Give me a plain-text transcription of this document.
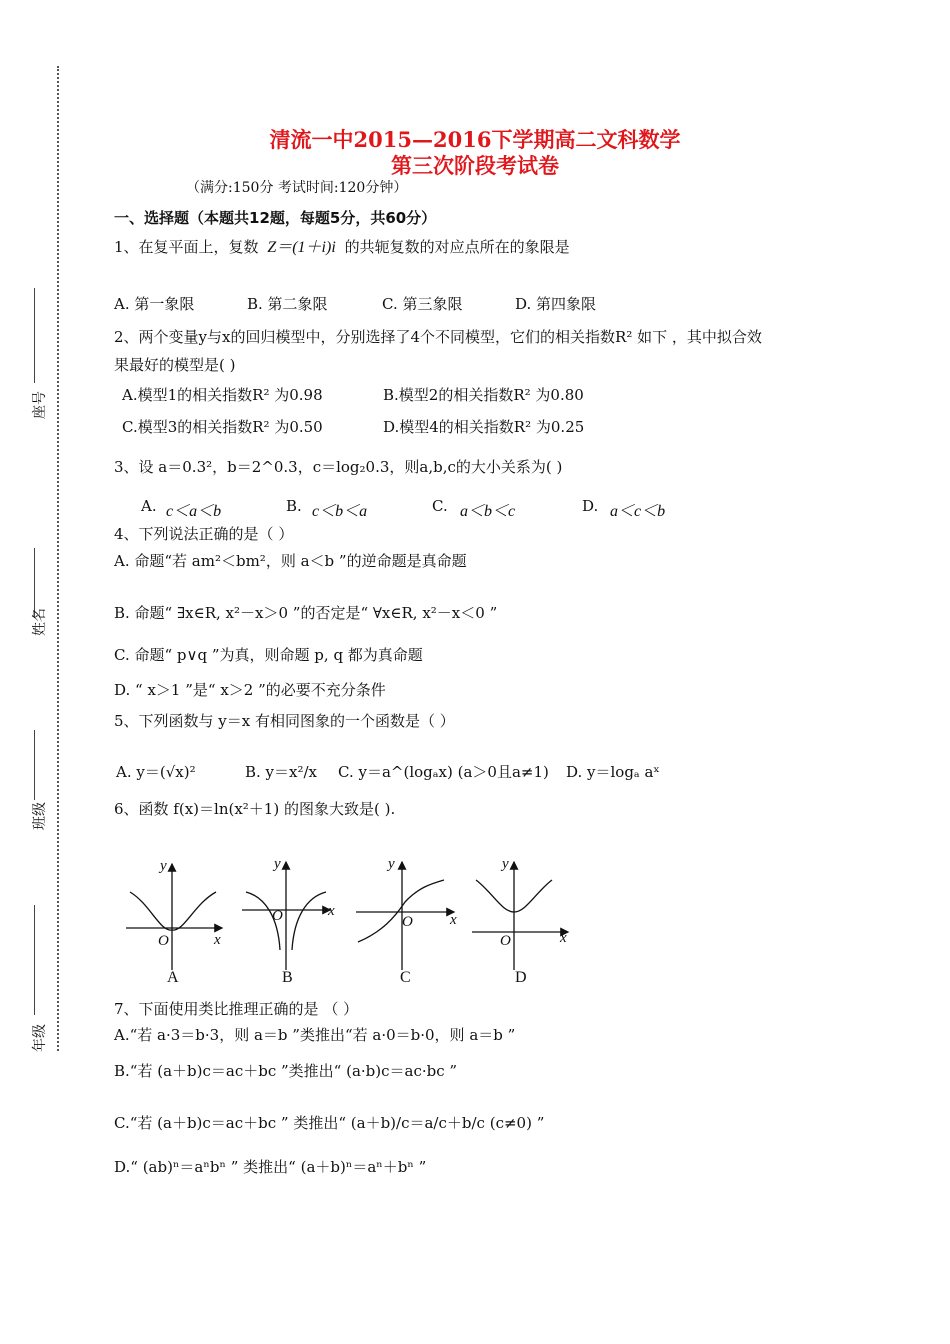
座号
姓名
班级
年级
清流一中2015—2016下学期高二文科数学
第三次阶段考试卷
（满分:150分 考试时间:120分钟）
一、选择题（本题共12题，每题5分，共60分）
1、在复平面上，复数 Z＝(1＋i)i 的共轭复数的对应点所在的象限是
A. 第一象限	B. 第二象限	C. 第三象限	D. 第四象限
2、两个变量y与x的回归模型中，分别选择了4个不同模型，它们的相关指数R² 如下 ，其中拟合效
果最好的模型是( )
A.模型1的相关指数R² 为0.98	B.模型2的相关指数R² 为0.80
C.模型3的相关指数R² 为0.50	D.模型4的相关指数R² 为0.25
3、设 a＝0.3²，b＝2^0.3，c＝log₂0.3，则a,b,c的大小关系为( )
A. c＜a＜b	B. c＜b＜a	C. a＜b＜c	D. a＜c＜b
4、下列说法正确的是（ ）
A. 命题“若 am²＜bm²，则 a＜b ”的逆命题是真命题
B. 命题“ ∃x∈R, x²－x＞0 ”的否定是“ ∀x∈R, x²－x＜0 ”
C. 命题“ p∨q ”为真，则命题 p, q 都为真命题
D. “ x＞1 ”是“ x＞2 ”的必要不充分条件
5、下列函数与 y＝x 有相同图象的一个函数是（ ）
A. y＝(√x)²	B. y＝x²/x C. y＝a^(logₐx) (a＞0且a≠1) D. y＝logₐ aˣ
6、函数 f(x)＝ln(x²＋1) 的图象大致是( ).
y
x
O
y
x
O
y
x
O
y
x
O
A	B	C	D
7、下面使用类比推理正确的是 （ ）
A.“若 a·3＝b·3，则 a＝b ”类推出“若 a·0＝b·0，则 a＝b ”
B.“若 (a＋b)c＝ac＋bc ”类推出“ (a·b)c＝ac·bc ”
C.“若 (a＋b)c＝ac＋bc ” 类推出“ (a＋b)/c＝a/c＋b/c (c≠0) ”
D.“ (ab)ⁿ＝aⁿbⁿ ” 类推出“ (a＋b)ⁿ＝aⁿ＋bⁿ ”
